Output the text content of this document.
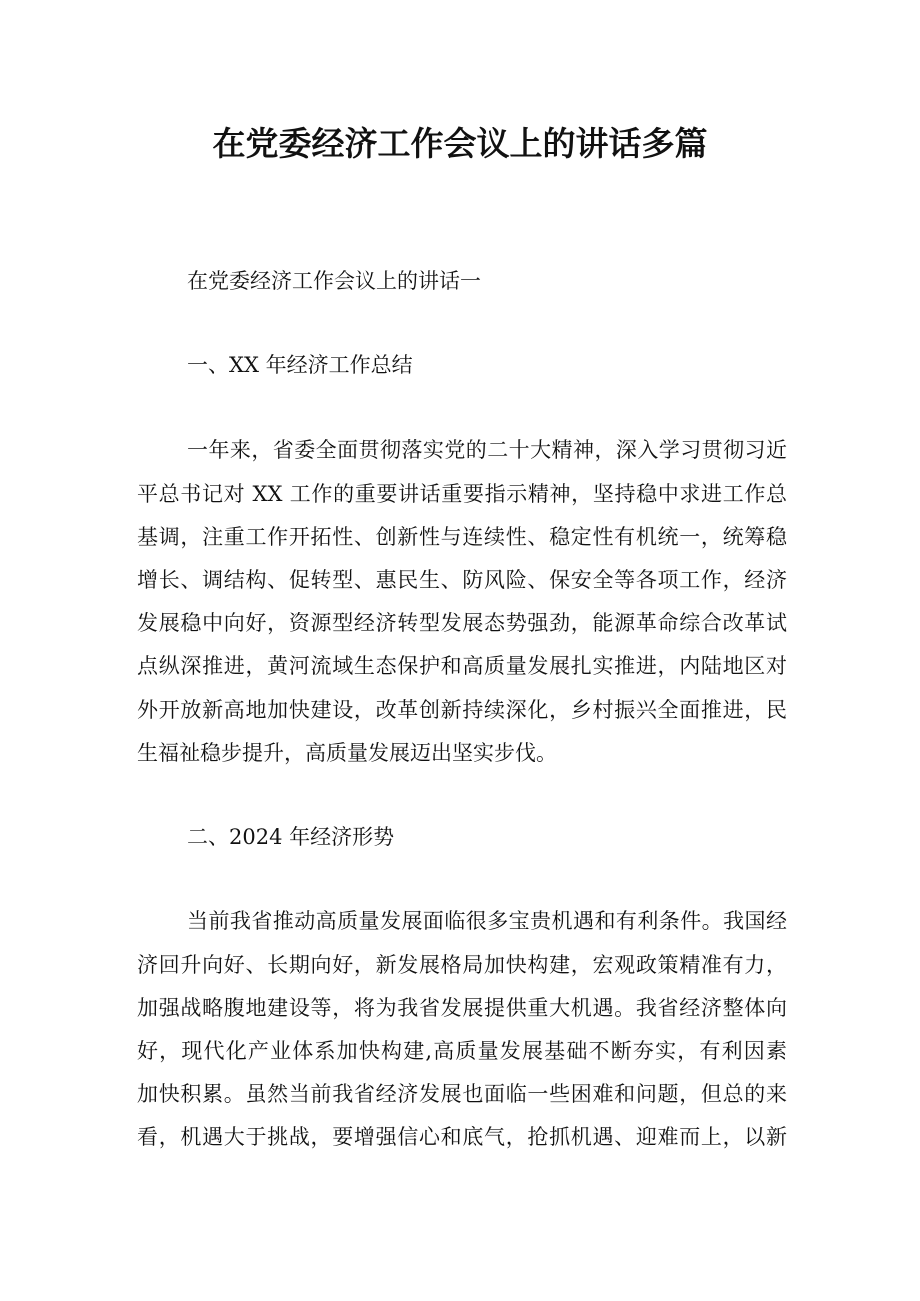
在党委经济工作会议上的讲话多篇
在党委经济工作会议上的讲话一
一、XX 年经济工作总结
一年来，省委全面贯彻落实党的二十大精神，深入学习贯彻习近
平总书记对 XX 工作的重要讲话重要指示精神，坚持稳中求进工作总
基调，注重工作开拓性、创新性与连续性、稳定性有机统一，统筹稳
增长、调结构、促转型、惠民生、防风险、保安全等各项工作，经济
发展稳中向好，资源型经济转型发展态势强劲，能源革命综合改革试
点纵深推进，黄河流域生态保护和高质量发展扎实推进，内陆地区对
外开放新高地加快建设，改革创新持续深化，乡村振兴全面推进，民
生福祉稳步提升，高质量发展迈出坚实步伐。
二、2024 年经济形势
当前我省推动高质量发展面临很多宝贵机遇和有利条件。我国经
济回升向好、长期向好，新发展格局加快构建，宏观政策精准有力，
加强战略腹地建设等，将为我省发展提供重大机遇。我省经济整体向
好，现代化产业体系加快构建,高质量发展基础不断夯实，有利因素
加快积累。虽然当前我省经济发展也面临一些困难和问题，但总的来
看，机遇大于挑战，要增强信心和底气，抢抓机遇、迎难而上，以新
